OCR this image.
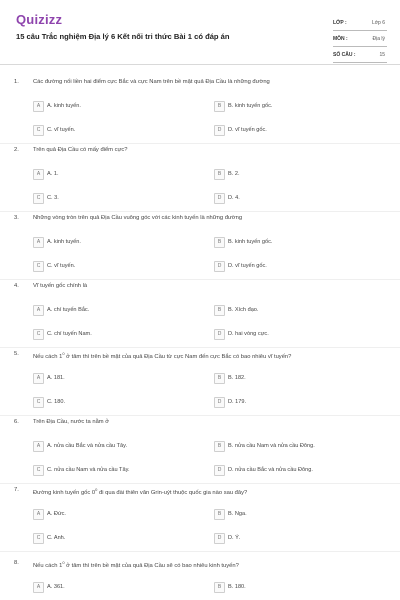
Quizizz
15 câu Trắc nghiệm Địa lý 6 Kết nối tri thức Bài 1 có đáp án
LỚP :	Lớp 6
MÔN :	Địa lý
SỐ CÂU :	15
1. Các đường nối liền hai điểm cực Bắc và cực Nam trên bề mặt quả Địa Cầu là những đường
A	A. kinh tuyến.	B	B. kinh tuyến gốc.
C	C. vĩ tuyến.	D	D. vĩ tuyến gốc.
2. Trên quả Địa Cầu có mấy điểm cực?
A	A. 1.	B	B. 2.
C	C. 3.	D	D. 4.
3. Những vòng tròn trên quả Địa Cầu vuông góc với các kinh tuyến là những đường
A	A. kinh tuyến.	B	B. kinh tuyến gốc.
C	C. vĩ tuyến.	D	D. vĩ tuyến gốc.
4. Vĩ tuyến gốc chính là
A	A. chí tuyến Bắc.	B	B. Xích đạo.
C	C. chí tuyến Nam.	D	D. hai vòng cực.
5. Nếu cách $1^0$ ở tâm thì trên bề mặt của quả Địa Cầu từ cực Nam đến cực Bắc có bao nhiêu vĩ tuyến?
A	A. 181.	B	B. 182.
C	C. 180.	D	D. 179.
6. Trên Địa Cầu, nước ta nằm ở
A	A. nửa cầu Bắc và nửa cầu Tây.	B	B. nửa cầu Nam và nửa cầu Đông.
C	C. nửa cầu Nam và nửa cầu Tây.	D	D. nửa cầu Bắc và nửa cầu Đông.
7. Đường kinh tuyến gốc $0^0$ đi qua đài thiên văn Grin-uýt thuộc quốc gia nào sau đây?
A	A. Đức.	B	B. Nga.
C	C. Anh.	D	D. Ý.
8. Nếu cách $1^0$ ở tâm thì trên bề mặt của quả Địa Cầu sẽ có bao nhiêu kinh tuyến?
A	A. 361.	B	B. 180.
